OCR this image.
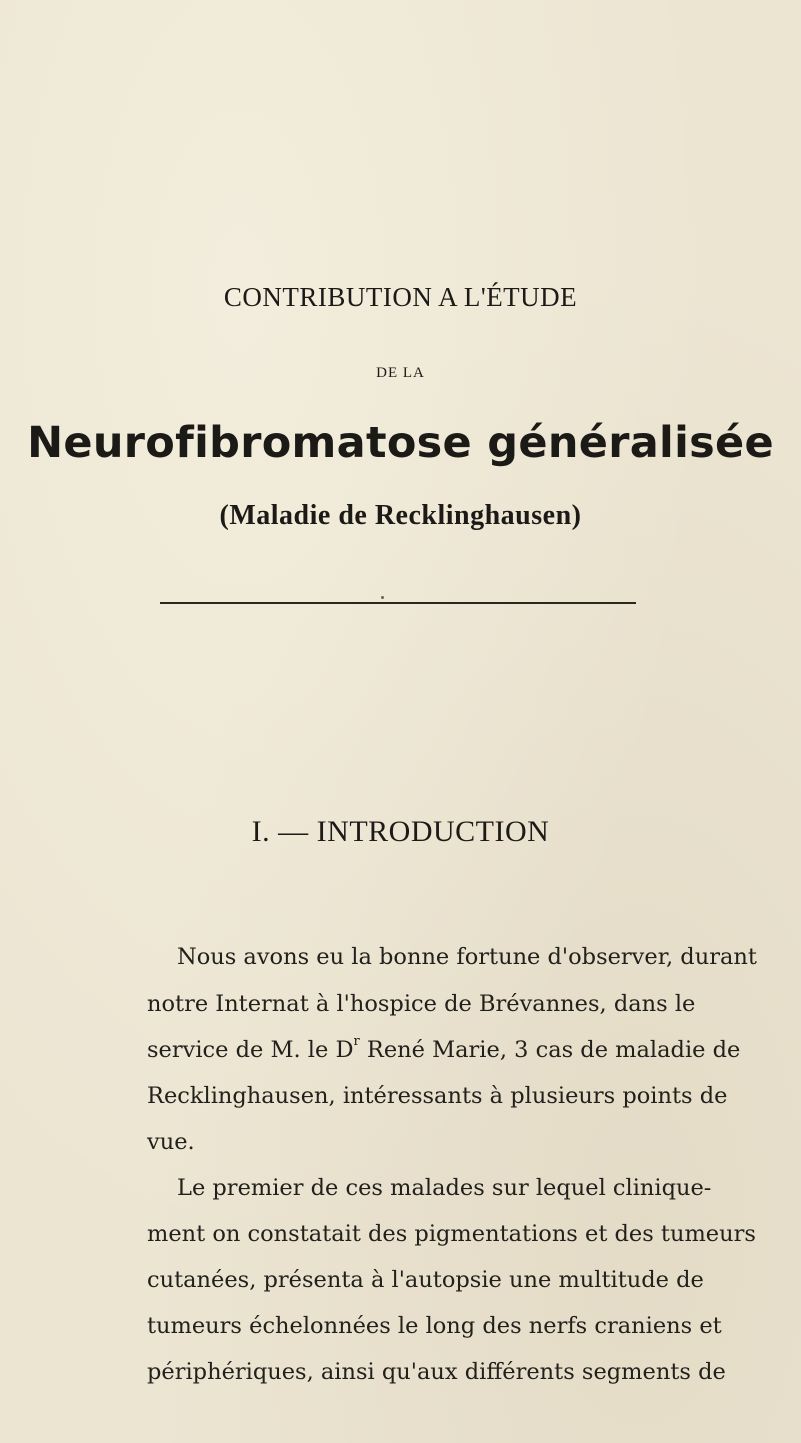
CONTRIBUTION A L'ÉTUDE
DE LA
Neurofibromatose généralisée
(Maladie de Recklinghausen)
I. — INTRODUCTION
Nous avons eu la bonne fortune d'observer, durant
notre Internat à l'hospice de Brévannes, dans le
service de M. le $D^r$ René Marie, 3 cas de maladie de
Recklinghausen, intéressants à plusieurs points de
vue.
Le premier de ces malades sur lequel clinique-
ment on constatait des pigmentations et des tumeurs
cutanées, présenta à l'autopsie une multitude de
tumeurs échelonnées le long des nerfs craniens et
périphériques, ainsi qu'aux différents segments de
